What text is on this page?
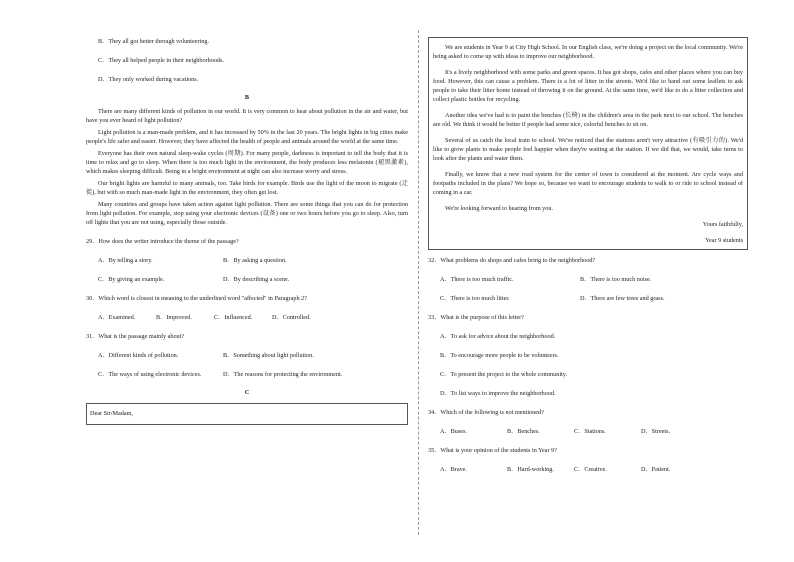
B．They all got better through volunteering.

C．They all helped people in their neighborhoods.

D．They only worked during vacations.

B

There are many different kinds of pollution in our world. It is very common to hear about pollution in the air and water, but have you ever heard of light pollution?

Light pollution is a man-made problem, and it has increased by 50% in the last 20 years. The bright lights in big cities make people's life safer and easier. However, they have affected the health of people and animals around the world at the same time.

Everyone has their own natural sleep-wake cycles (周期). For many people, darkness is important to tell the body that it is time to relax and go to sleep. When there is too much light in the environment, the body produces less melatonin (褪黑激素), which makes sleeping difficult. Being in a bright environment at night can also increase worry and stress.

Our bright lights are harmful to many animals, too. Take birds for example. Birds use the light of the moon to migrate (迁徙), but with so much man-made light in the environment, they often get lost.

Many countries and groups have taken action against light pollution. There are some things that you can do for protection from light pollution. For example, stop using your electronic devices (设备) one or two hours before you go to sleep. Also, turn off lights that you are not using, especially those outside.

29．How does the writer introduce the theme of the passage?

A．By telling a story.	B．By asking a question.
C．By giving an example.	D．By describing a scene.

30．Which word is closest in meaning to the underlined word "affected" in Paragraph 2?

A．Examined.	B．Improved.	C．Influenced.	D．Controlled.

31．What is the passage mainly about?

A．Different kinds of pollution.	B．Something about light pollution.
C．The ways of using electronic devices.	D．The reasons for protecting the environment.

C

Dear Sir/Madam,

We are students in Year 9 at City High School. In our English class, we're doing a project on the local community. We're being asked to come up with ideas to improve our neighborhood.

It's a lively neighborhood with some parks and green spaces. It has got shops, cafes and other places where you can buy food. However, this can cause a problem. There is a lot of litter in the streets. We'd like to hand out some leaflets to ask people to take their litter home instead of throwing it on the ground. At the same time, we'd like to do a litter collection and collect plastic bottles for recycling.

Another idea we've had is to paint the benches (长椅) in the children's area in the park next to our school. The benches are old. We think it would be better if people had some nice, colorful benches to sit on.

Several of us catch the local train to school. We've noticed that the stations aren't very attractive (有吸引力的). We'd like to grow plants to make people feel happier when they're waiting at the station. If we did that, we would, take turns to look after the plants and water them.

Finally, we know that a new road system for the center of town is considered at the moment. Are cycle ways and footpaths included in the plans? We hope so, because we want to encourage students to walk to or ride to school instead of coming in a car.

We're looking forward to hearing from you.

Yours faithfully,

Year 9 students

32．What problems do shops and cafes bring to the neighborhood?

A．There is too much traffic.	B．There is too much noise.
C．There is too much litter.	D．There are few trees and grass.

33．What is the purpose of this letter?

A．To ask for advice about the neighborhood.

B．To encourage more people to be volunteers.

C．To present the project to the whole community.

D．To list ways to improve the neighborhood.

34．Which of the following is not mentioned?

A．Buses.	B．Benches.	C．Stations.	D．Streets.

35．What is your opinion of the students in Year 9?

A．Brave.	B．Hard-working.	C．Creative.	D．Patient.
